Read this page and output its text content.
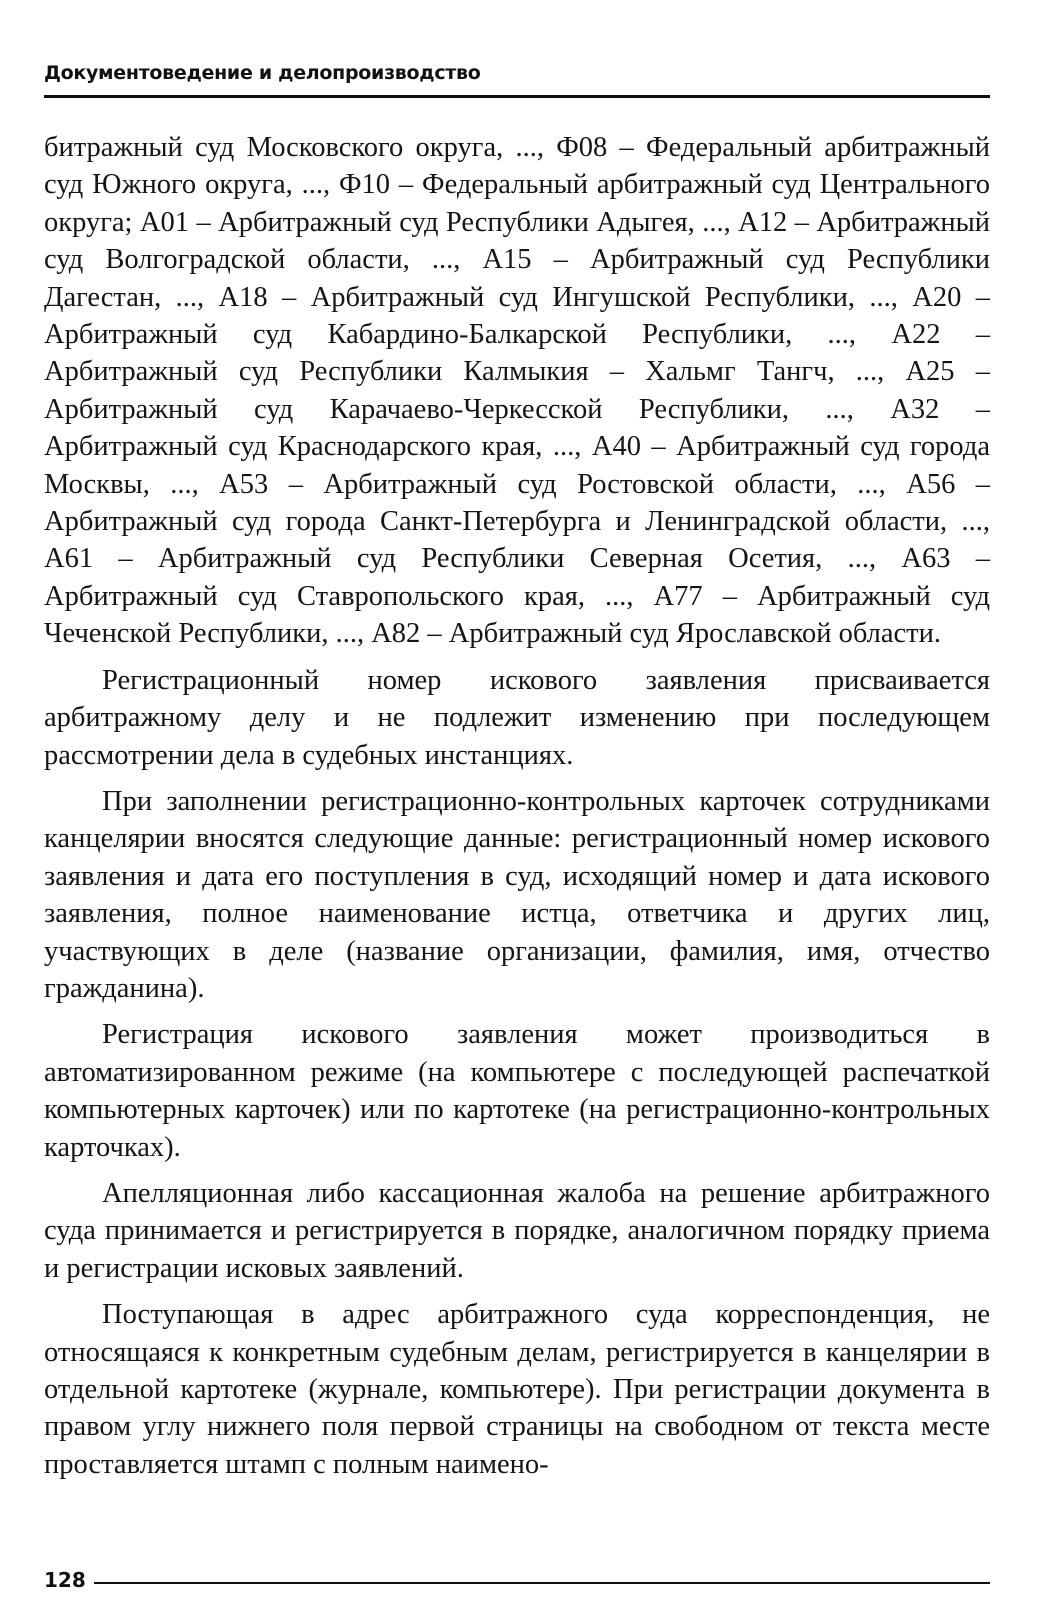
Документоведение и делопроизводство

битражный суд Московского округа, ..., Ф08 – Федеральный арбитражный суд Южного округа, ..., Ф10 – Федеральный арбитражный суд Центрального округа; А01 – Арбитражный суд Республики Адыгея, ..., А12 – Арбитражный суд Волгоградской области, ..., А15 – Арбитражный суд Республики Дагестан, ..., А18 – Арбитражный суд Ингушской Республики, ..., А20 – Арбитражный суд Кабардино-Балкарской Республики, ..., А22 – Арбитражный суд Республики Калмыкия – Хальмг Тангч, ..., А25 – Арбитражный суд Карачаево-Черкесской Республики, ..., А32 – Арбитражный суд Краснодарского края, ..., А40 – Арбитражный суд города Москвы, ..., А53 – Арбитражный суд Ростовской области, ..., А56 – Арбитражный суд города Санкт-Петербурга и Ленинградской области, ..., А61 – Арбитражный суд Республики Северная Осетия, ..., А63 – Арбитражный суд Ставропольского края, ..., А77 – Арбитражный суд Чеченской Республики, ..., А82 – Арбитражный суд Ярославской области.

Регистрационный номер искового заявления присваивается арбитражному делу и не подлежит изменению при последующем рассмотрении дела в судебных инстанциях.

При заполнении регистрационно-контрольных карточек сотрудниками канцелярии вносятся следующие данные: регистрационный номер искового заявления и дата его поступления в суд, исходящий номер и дата искового заявления, полное наименование истца, ответчика и других лиц, участвующих в деле (название организации, фамилия, имя, отчество гражданина).

Регистрация искового заявления может производиться в автоматизированном режиме (на компьютере с последующей распечаткой компьютерных карточек) или по картотеке (на регистрационно-контрольных карточках).

Апелляционная либо кассационная жалоба на решение арбитражного суда принимается и регистрируется в порядке, аналогичном порядку приема и регистрации исковых заявлений.

Поступающая в адрес арбитражного суда корреспонденция, не относящаяся к конкретным судебным делам, регистрируется в канцелярии в отдельной картотеке (журнале, компьютере). При регистрации документа в правом углу нижнего поля первой страницы на свободном от текста месте проставляется штамп с полным наимено-

128
